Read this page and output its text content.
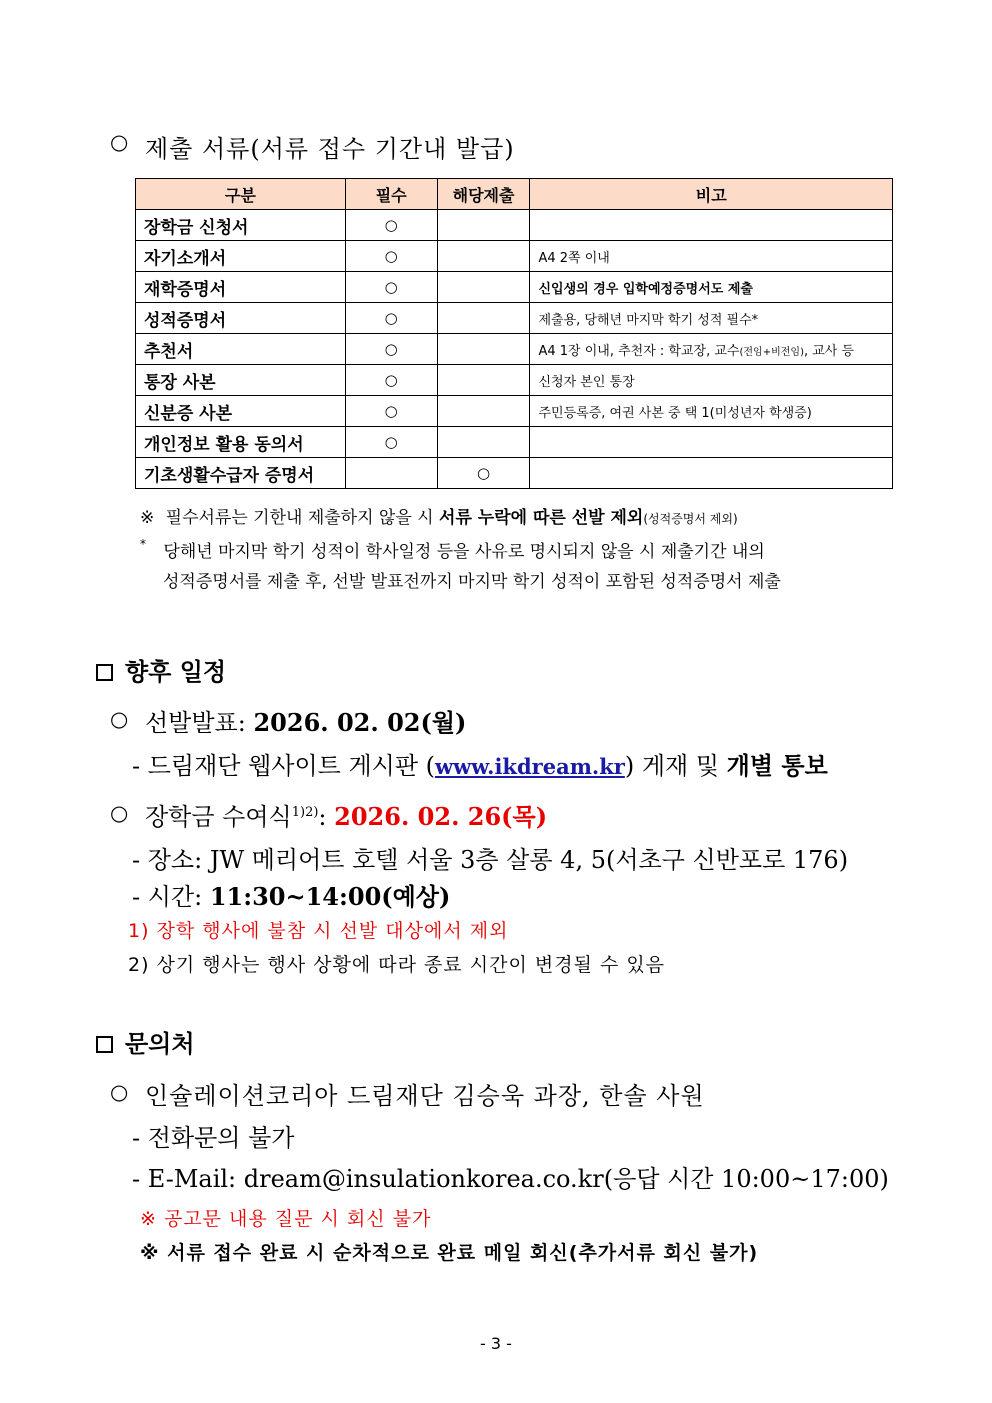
○ 제출 서류(서류 접수 기간내 발급)
구분	필수	해당제출	비고
장학금 신청서	○		
자기소개서	○		A4 2쪽 이내
재학증명서	○		신입생의 경우 입학예정증명서도 제출
성적증명서	○		제출용, 당해년 마지막 학기 성적 필수*
추천서	○		A4 1장 이내, 추천자 : 학교장, 교수(전임+비전임), 교사 등
통장 사본	○		신청자 본인 통장
신분증 사본	○		주민등록증, 여권 사본 중 택 1(미성년자 학생증)
개인정보 활용 동의서	○		
기초생활수급자 증명서		○	
※ 필수서류는 기한내 제출하지 않을 시 서류 누락에 따른 선발 제외(성적증명서 제외)
* 당해년 마지막 학기 성적이 학사일정 등을 사유로 명시되지 않을 시 제출기간 내의
성적증명서를 제출 후, 선발 발표전까지 마지막 학기 성적이 포함된 성적증명서 제출
향후 일정
○ 선발발표: 2026. 02. 02(월)
- 드림재단 웹사이트 게시판 (www.ikdream.kr) 게재 및 개별 통보
○ 장학금 수여식$^{1)2)}$: 2026. 02. 26(목)
- 장소: JW 메리어트 호텔 서울 3층 살롱 4, 5(서초구 신반포로 176)
- 시간: 11:30~14:00(예상)
1) 장학 행사에 불참 시 선발 대상에서 제외
2) 상기 행사는 행사 상황에 따라 종료 시간이 변경될 수 있음
문의처
○ 인슐레이션코리아 드림재단 김승욱 과장, 한솔 사원
- 전화문의 불가
- E-Mail: dream@insulationkorea.co.kr(응답 시간 10:00~17:00)
※ 공고문 내용 질문 시 회신 불가
※ 서류 접수 완료 시 순차적으로 완료 메일 회신(추가서류 회신 불가)
- 3 -
